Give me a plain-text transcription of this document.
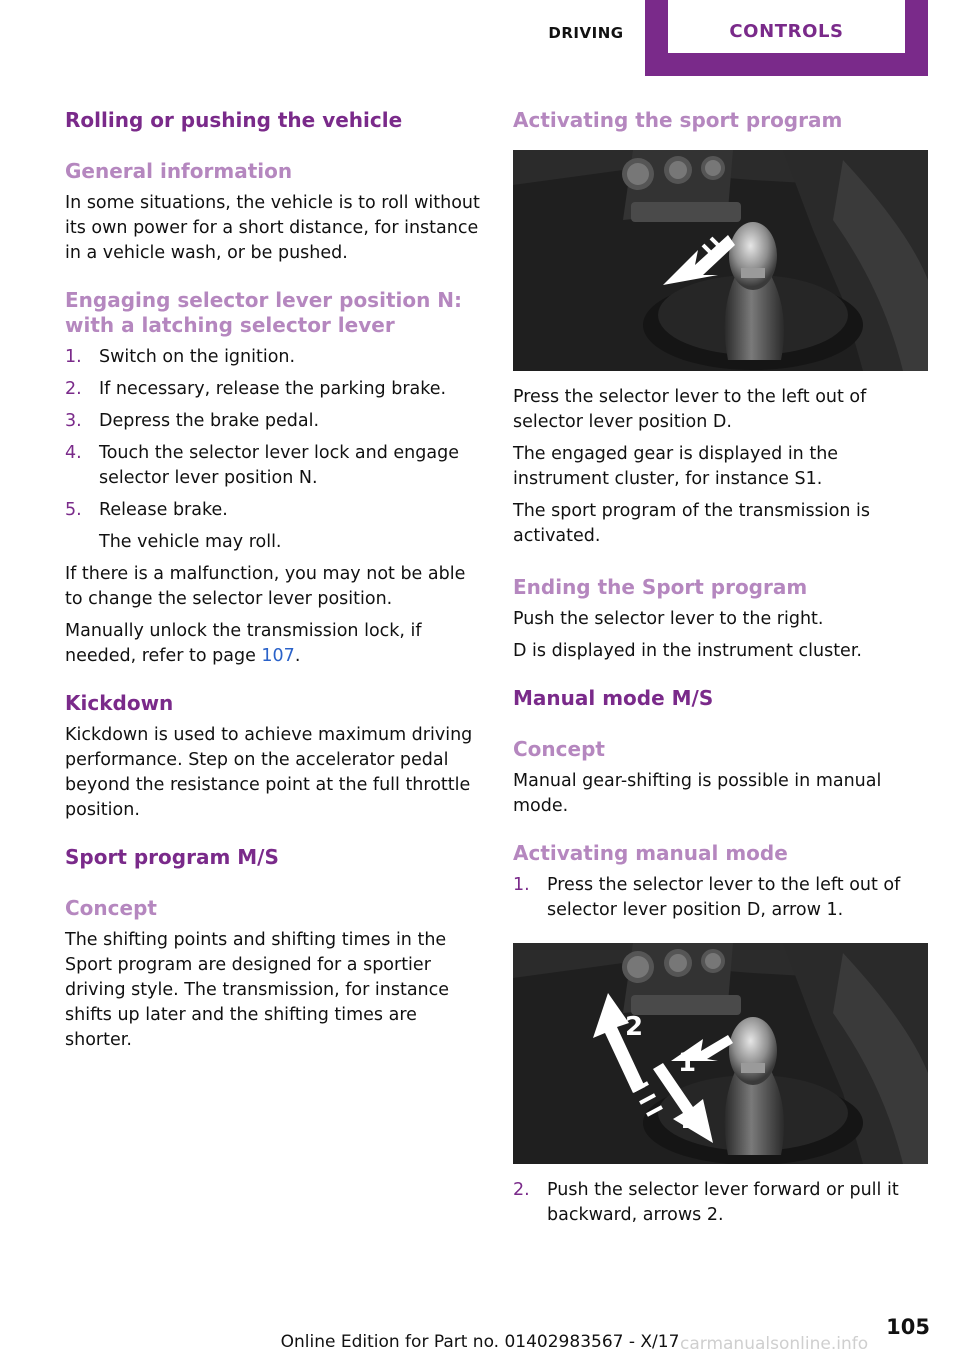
DRIVING	CONTROLS
Rolling or pushing the vehicle
General information

In some situations, the vehicle is to roll without its own power for a short distance, for instance in a vehicle wash, or be pushed.

Engaging selector lever position N: with a latching selector lever
1. Switch on the ignition.
2. If necessary, release the parking brake.
3. Depress the brake pedal.
4. Touch the selector lever lock and engage selector lever position N.
5. Release brake.
The vehicle may roll.

If there is a malfunction, you may not be able to change the selector lever position.

Manually unlock the transmission lock, if needed, refer to page 107.

Kickdown

Kickdown is used to achieve maximum driving performance. Step on the accelerator pedal beyond the resistance point at the full throttle position.

Sport program M/S
Concept

The shifting points and shifting times in the Sport program are designed for a sportier driving style. The transmission, for instance shifts up later and the shifting times are shorter.

Activating the sport program

Press the selector lever to the left out of selector lever position D.

The engaged gear is displayed in the instrument cluster, for instance S1.

The sport program of the transmission is activated.

Ending the Sport program

Push the selector lever to the right.

D is displayed in the instrument cluster.

Manual mode M/S
Concept

Manual gear-shifting is possible in manual mode.

Activating manual mode
1. Press the selector lever to the left out of selector lever position D, arrow 1.
2
1
2
2. Push the selector lever forward or pull it backward, arrows 2.
105
Online Edition for Part no. 01402983567 - X/17 carmanualsonline.info
